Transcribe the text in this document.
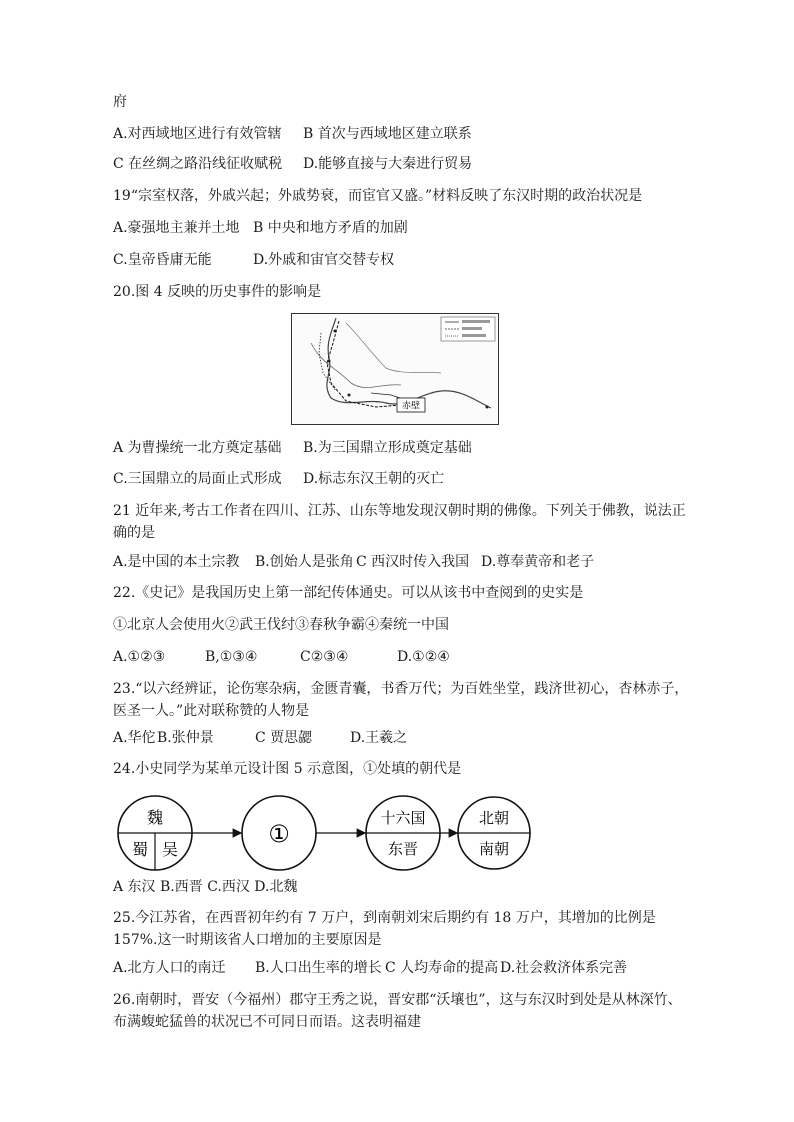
府
A.对西域地区进行有效管辖 B 首次与西域地区建立联系
C 在丝绸之路沿线征收赋税 D.能够直接与大秦进行贸易
19“宗室权落，外戚兴起；外戚势衰，而宦官又盛。”材料反映了东汉时期的政治状况是
A.豪强地主兼并土地 B 中央和地方矛盾的加剧
C.皇帝昏庸无能	D.外戚和宙官交替专权
20.图 4 反映的历史事件的影响是
赤壁
A 为曹操统一北方奠定基础 B.为三国鼎立形成奠定基础
C.三国鼎立的局面止式形成 D.标志东汉王朝的灭亡
21 近年来,考古工作者在四川、江苏、山东等地发现汉朝时期的佛像。下列关于佛教，说法正确的是
A.是中国的本土宗教 B.创始人是张角 C 西汉时传入我国 D.尊奉黄帝和老子
22.《史记》是我国历史上第一部纪传体通史。可以从该书中查阅到的史实是
①北京人会使用火②武王伐纣③春秋争霸④秦统一中国
A.①②③	B,①③④	C②③④	D.①②④
23.“以六经辨证，论伤寒杂病，金匮青囊，书香万代；为百姓坐堂，践济世初心，杏林赤子，医圣一人。”此对联称赞的人物是
A.华佗B.张仲景	C 贾思勰	D.王羲之
24.小史同学为某单元设计图 5 示意图，①处填的朝代是
魏
蜀 吴
①
十六国
东晋
北朝
南朝
A 东汉 B.西晋 C.西汉 D.北魏
25.今江苏省，在西晋初年约有 7 万户，到南朝刘宋后期约有 18 万户，其增加的比例是 157%.这一时期该省人口增加的主要原因是
A.北方人口的南迁 B.人口出生率的增长 C 人均寿命的提高 D.社会救济体系完善
26.南朝时，晋安（今福州）郡守王秀之说，晋安郡“沃壤也”，这与东汉时到处是从林深竹、布满蝮蛇猛兽的状况已不可同日而语。这表明福建
